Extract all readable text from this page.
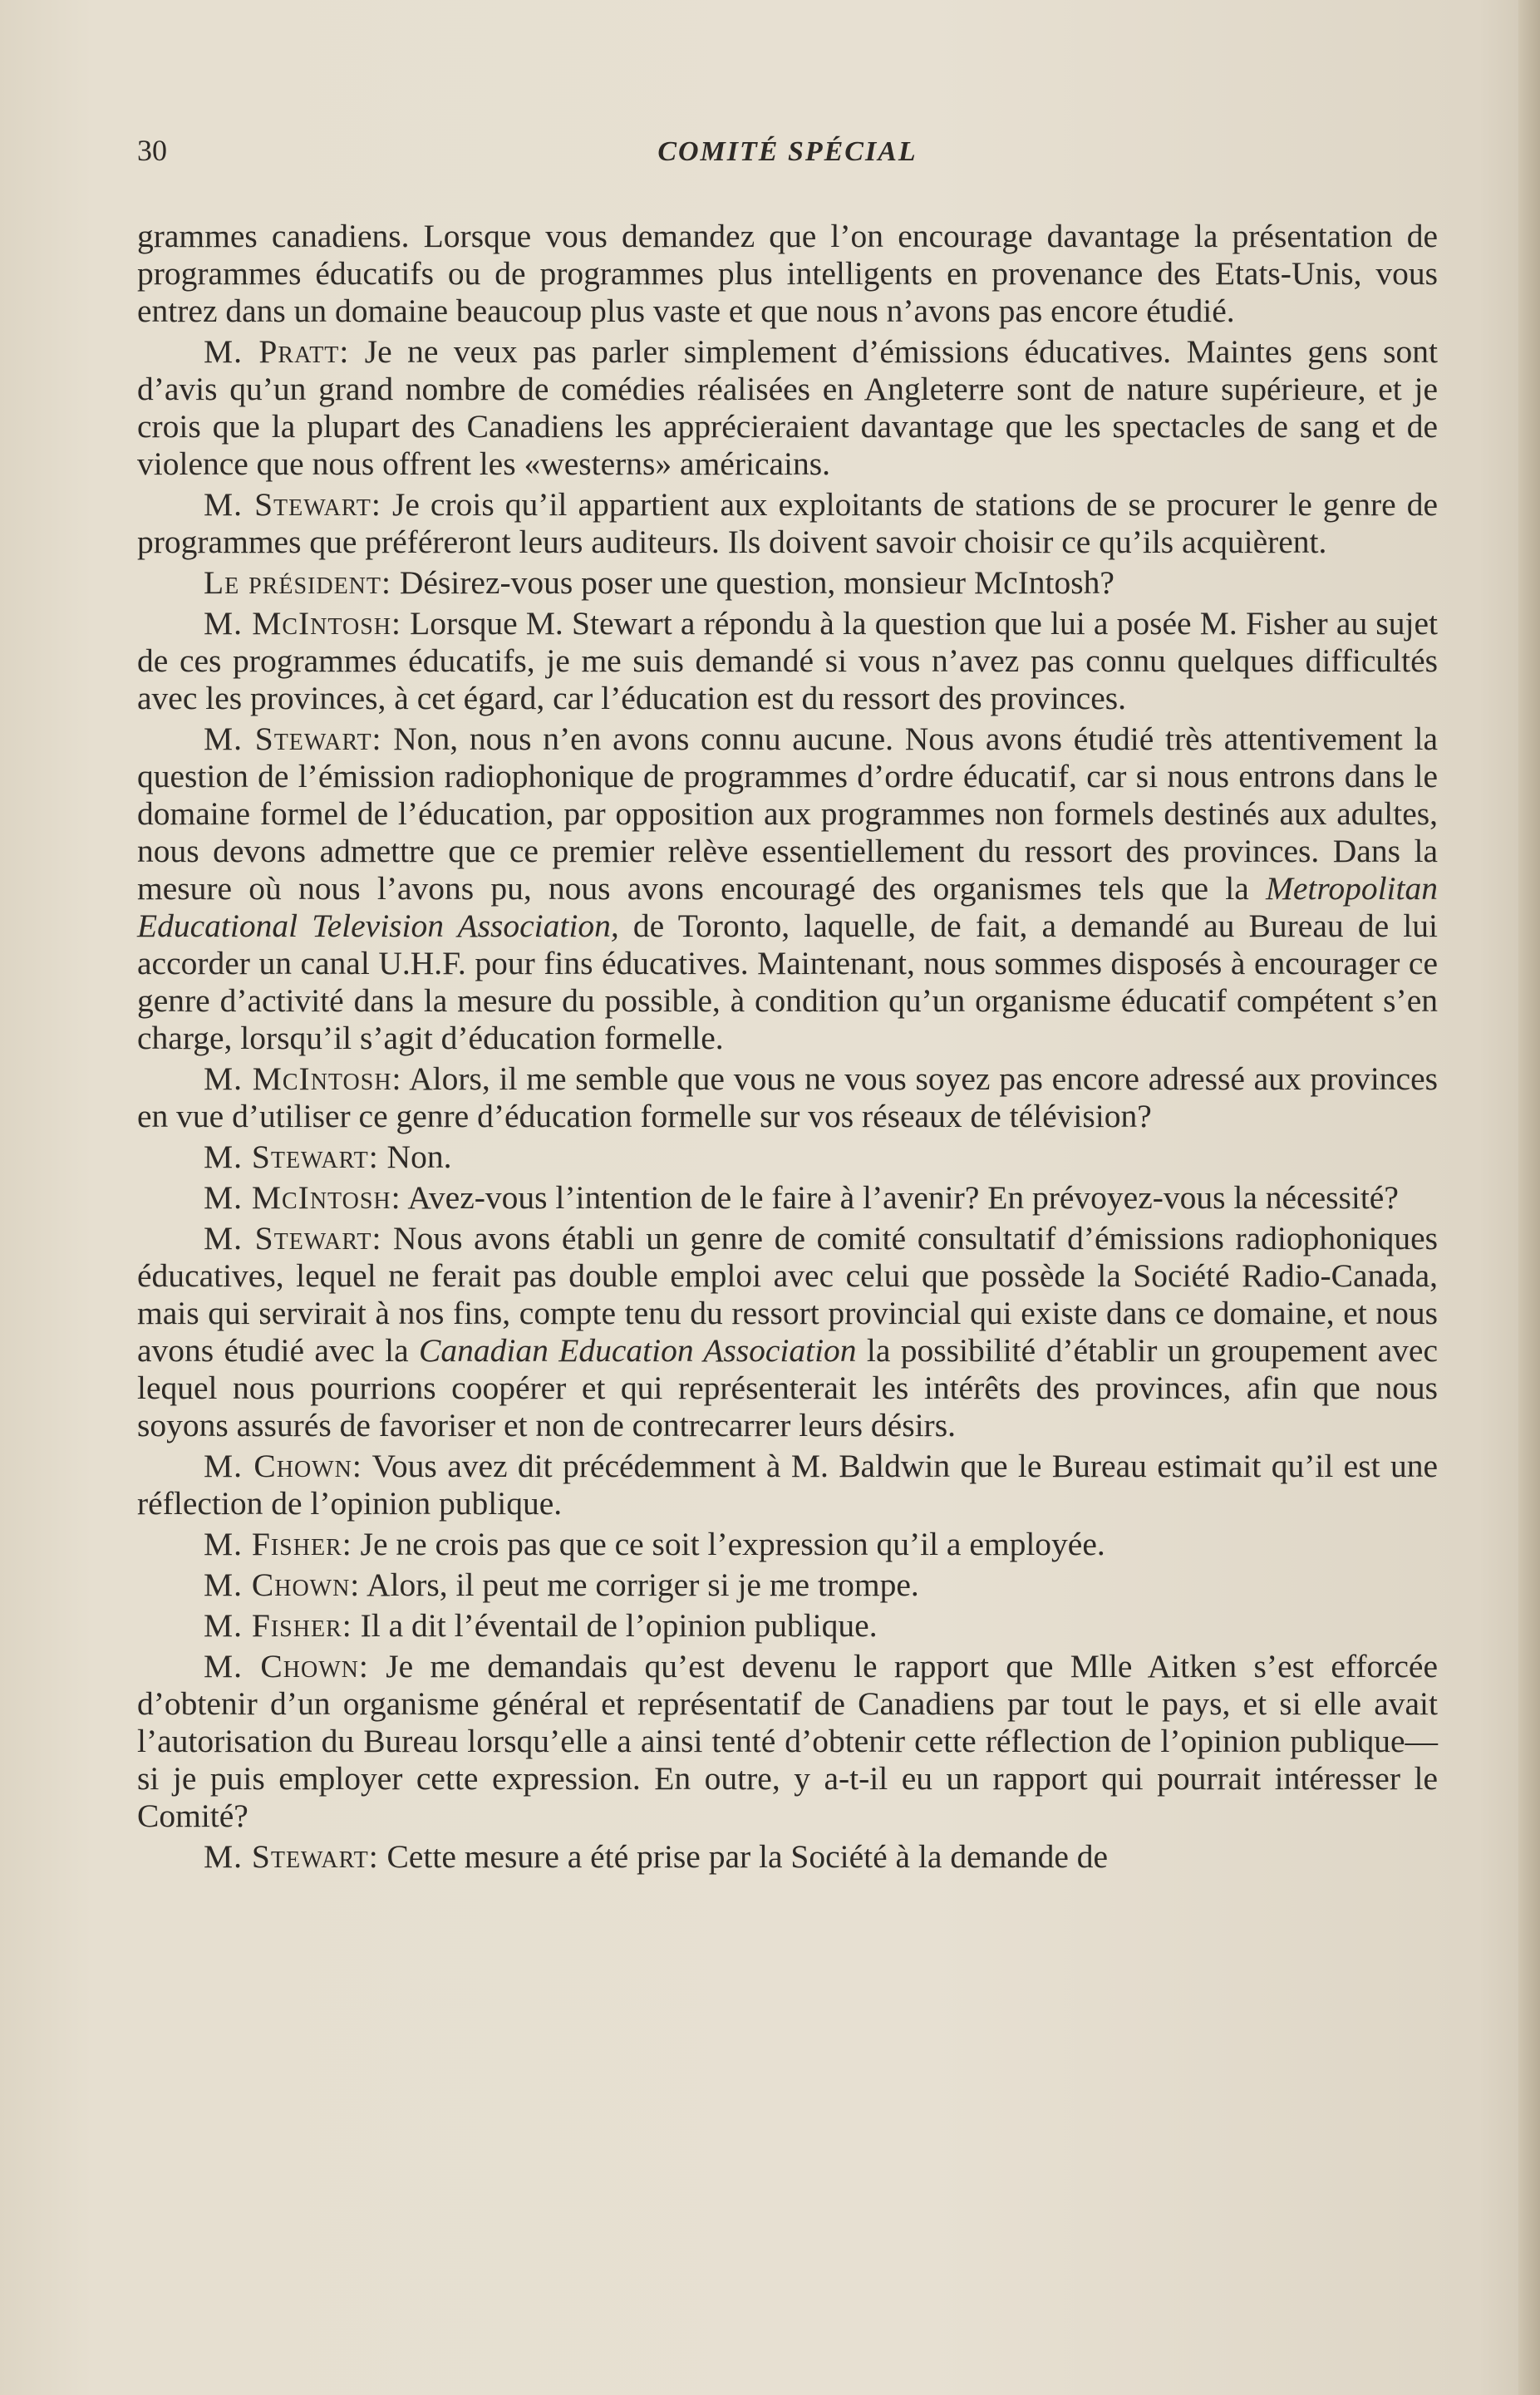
30	COMITÉ SPÉCIAL

grammes canadiens. Lorsque vous demandez que l’on encourage davantage la présentation de programmes éducatifs ou de programmes plus intelligents en provenance des Etats-Unis, vous entrez dans un domaine beaucoup plus vaste et que nous n’avons pas encore étudié.

M. Pratt: Je ne veux pas parler simplement d’émissions éducatives. Maintes gens sont d’avis qu’un grand nombre de comédies réalisées en Angleterre sont de nature supérieure, et je crois que la plupart des Canadiens les apprécieraient davantage que les spectacles de sang et de violence que nous offrent les «westerns» américains.

M. Stewart: Je crois qu’il appartient aux exploitants de stations de se procurer le genre de programmes que préféreront leurs auditeurs. Ils doivent savoir choisir ce qu’ils acquièrent.

Le président: Désirez-vous poser une question, monsieur McIntosh?

M. McIntosh: Lorsque M. Stewart a répondu à la question que lui a posée M. Fisher au sujet de ces programmes éducatifs, je me suis demandé si vous n’avez pas connu quelques difficultés avec les provinces, à cet égard, car l’éducation est du ressort des provinces.

M. Stewart: Non, nous n’en avons connu aucune. Nous avons étudié très attentivement la question de l’émission radiophonique de programmes d’ordre éducatif, car si nous entrons dans le domaine formel de l’éducation, par opposition aux programmes non formels destinés aux adultes, nous devons admettre que ce premier relève essentiellement du ressort des provinces. Dans la mesure où nous l’avons pu, nous avons encouragé des organismes tels que la Metropolitan Educational Television Association, de Toronto, laquelle, de fait, a demandé au Bureau de lui accorder un canal U.H.F. pour fins éducatives. Maintenant, nous sommes disposés à encourager ce genre d’activité dans la mesure du possible, à condition qu’un organisme éducatif compétent s’en charge, lorsqu’il s’agit d’éducation formelle.

M. McIntosh: Alors, il me semble que vous ne vous soyez pas encore adressé aux provinces en vue d’utiliser ce genre d’éducation formelle sur vos réseaux de télévision?

M. Stewart: Non.

M. McIntosh: Avez-vous l’intention de le faire à l’avenir? En prévoyez-vous la nécessité?

M. Stewart: Nous avons établi un genre de comité consultatif d’émissions radiophoniques éducatives, lequel ne ferait pas double emploi avec celui que possède la Société Radio-Canada, mais qui servirait à nos fins, compte tenu du ressort provincial qui existe dans ce domaine, et nous avons étudié avec la Canadian Education Association la possibilité d’établir un groupement avec lequel nous pourrions coopérer et qui représenterait les intérêts des provinces, afin que nous soyons assurés de favoriser et non de contrecarrer leurs désirs.

M. Chown: Vous avez dit précédemment à M. Baldwin que le Bureau estimait qu’il est une réflection de l’opinion publique.

M. Fisher: Je ne crois pas que ce soit l’expression qu’il a employée.

M. Chown: Alors, il peut me corriger si je me trompe.

M. Fisher: Il a dit l’éventail de l’opinion publique.

M. Chown: Je me demandais qu’est devenu le rapport que Mlle Aitken s’est efforcée d’obtenir d’un organisme général et représentatif de Canadiens par tout le pays, et si elle avait l’autorisation du Bureau lorsqu’elle a ainsi tenté d’obtenir cette réflection de l’opinion publique—si je puis employer cette expression. En outre, y a-t-il eu un rapport qui pourrait intéresser le Comité?

M. Stewart: Cette mesure a été prise par la Société à la demande de
